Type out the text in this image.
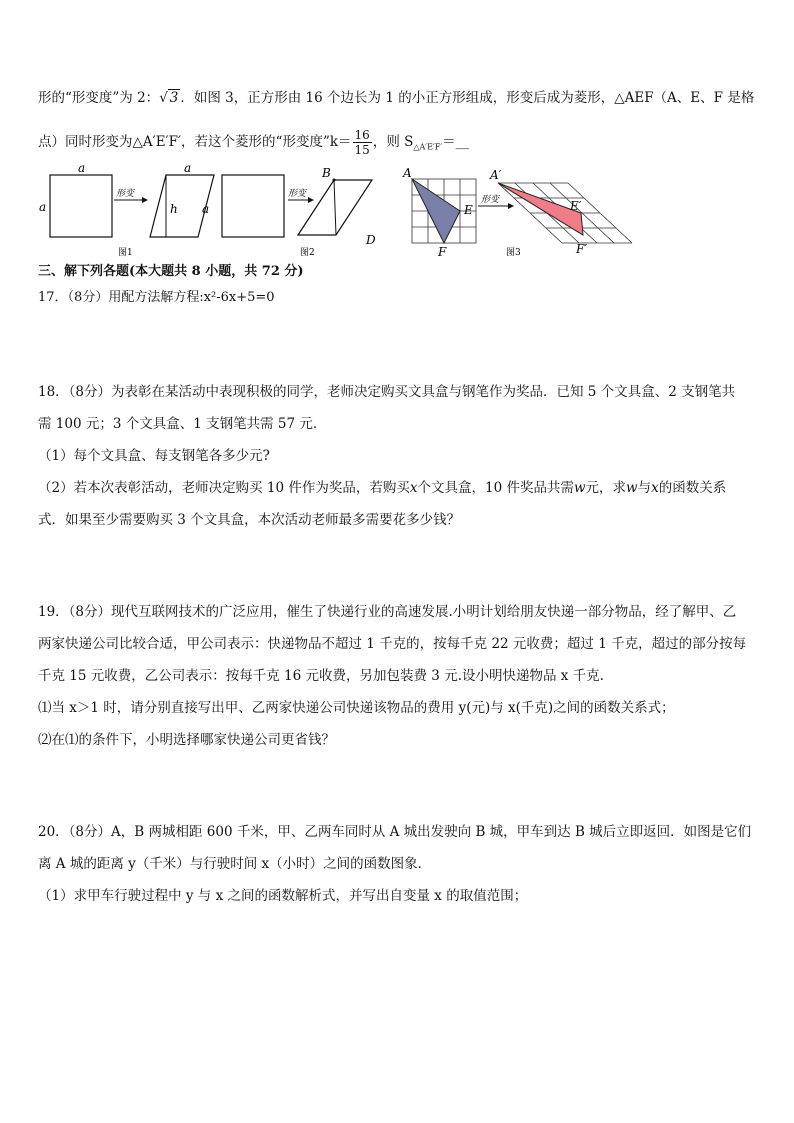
形的“形变度”为 2：√ 3 ．如图 3，正方形由 16 个边长为 1 的小正方形组成，形变后成为菱形，△AEF（A、E、F 是格
点）同时形变为△A′E′F′，若这个菱形的“形变度”k＝ $\frac{16}{15}$ ，则 $S_{\triangle A'E'F'}=\_\_$
a
a
形变
h
a
a
图1
形变
B
D
图2
A
E
F
形变
A′
E′
F′
图3
三、解下列各题(本大题共 8 小题，共 72 分)
17．（8分）用配方法解方程:x²-6x+5=0
18．（8分）为表彰在某活动中表现积极的同学，老师决定购买文具盒与钢笔作为奖品．已知 5 个文具盒、2 支钢笔共
需 100 元；3 个文具盒、1 支钢笔共需 57 元．
（1）每个文具盒、每支钢笔各多少元?
（2）若本次表彰活动，老师决定购买 10 件作为奖品，若购买x个文具盒，10 件奖品共需w元，求w与x的函数关系
式．如果至少需要购买 3 个文具盒，本次活动老师最多需要花多少钱？
19．（8分）现代互联网技术的广泛应用，催生了快递行业的高速发展.小明计划给朋友快递一部分物品，经了解甲、乙
两家快递公司比较合适，甲公司表示：快递物品不超过 1 千克的，按每千克 22 元收费；超过 1 千克，超过的部分按每
千克 15 元收费，乙公司表示：按每千克 16 元收费，另加包装费 3 元.设小明快递物品 x 千克.
⑴当 x＞1 时，请分别直接写出甲、乙两家快递公司快递该物品的费用 y(元)与 x(千克)之间的函数关系式；
⑵在⑴的条件下，小明选择哪家快递公司更省钱？
20．（8分）A，B 两城相距 600 千米，甲、乙两车同时从 A 城出发驶向 B 城，甲车到达 B 城后立即返回．如图是它们
离 A 城的距离 y（千米）与行驶时间 x（小时）之间的函数图象．
（1）求甲车行驶过程中 y 与 x 之间的函数解析式，并写出自变量 x 的取值范围；
